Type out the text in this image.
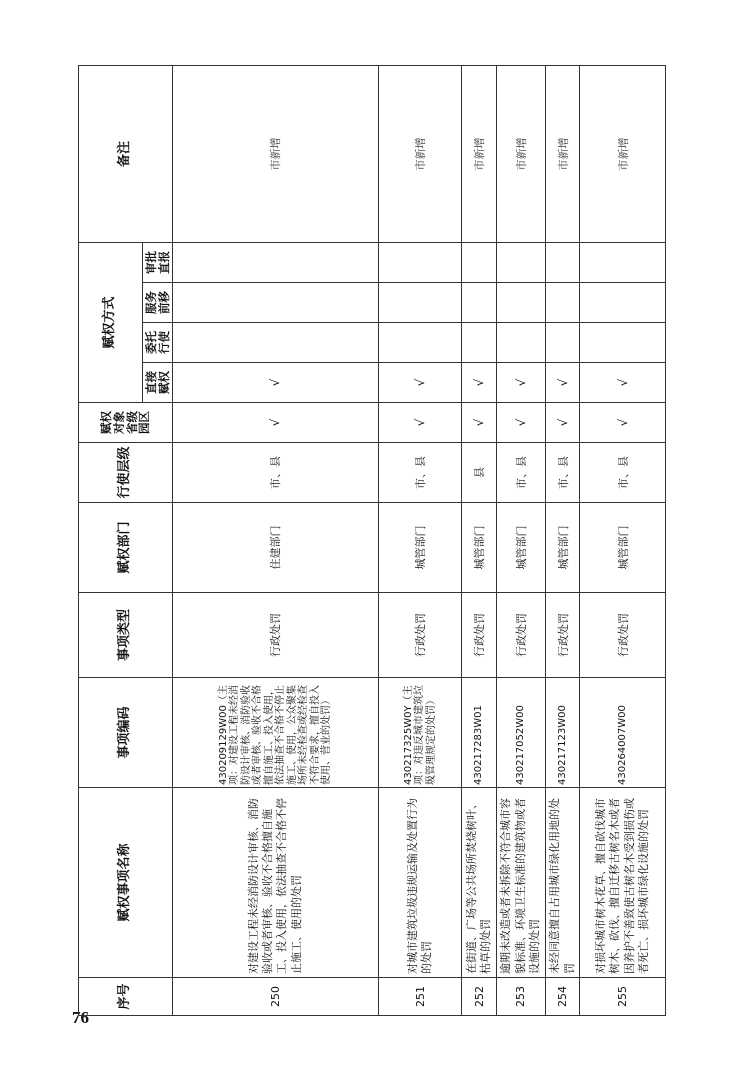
76
序号	赋权事项名称	事项编码	事项类型	赋权部门	行使层级	赋权对象省级园区	赋权方式				备注
							直接赋权	委托行使	服务前移	审批直报	
250	对建设工程未经消防设计审核、消防验收或者审核、验收不合格擅自施工、投入使用，依法抽查不合格不停止施工、使用的处罚	430209129W00（主项：对建设工程未经消防设计审核、消防验收或者审核、验收不合格擅自施工、投入使用，依法抽查不合格不停止施工、使用，公众聚集场所未经检查或经检查不符合要求，擅自投入使用、营业的处罚）	行政处罚	住建部门	市、县	√	√				市新增
251	对城市建筑垃圾违规运输及处置行为的处罚	430217325W0Y（主项：对违反城市建筑垃圾管理规定的处罚）	行政处罚	城管部门	市、县	√	√				市新增
252	在街道、广场等公共场所焚烧树叶、枯草的处罚	430217283W01	行政处罚	城管部门	县	√	√				市新增
253	逾期未改造或者未拆除不符合城市容貌标准、环境卫生标准的建筑物或者设施的处罚	430217052W00	行政处罚	城管部门	市、县	√	√				市新增
254	未经同意擅自占用城市绿化用地的处罚	430217123W00	行政处罚	城管部门	市、县	√	√				市新增
255	对损坏城市树木花草、擅自砍伐城市树木、砍伐、擅自迁移古树名木或者因养护不善致使古树名木受到损伤或者死亡、损坏城市绿化设施的处罚	430264007W00	行政处罚	城管部门	市、县	√	√				市新增
